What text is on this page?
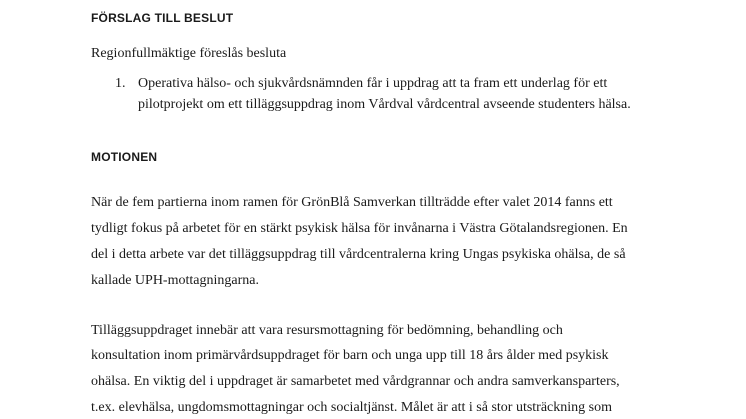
FÖRSLAG TILL BESLUT
Regionfullmäktige föreslås besluta
1. Operativa hälso- och sjukvårdsnämnden får i uppdrag att ta fram ett underlag för ett
pilotprojekt om ett tilläggsuppdrag inom Vårdval vårdcentral avseende studenters hälsa.
MOTIONEN
När de fem partierna inom ramen för GrönBlå Samverkan tillträdde efter valet 2014 fanns ett
tydligt fokus på arbetet för en stärkt psykisk hälsa för invånarna i Västra Götalandsregionen. En
del i detta arbete var det tilläggsuppdrag till vårdcentralerna kring Ungas psykiska ohälsa, de så
kallade UPH-mottagningarna.
Tilläggsuppdraget innebär att vara resursmottagning för bedömning, behandling och
konsultation inom primärvårdsuppdraget för barn och unga upp till 18 års ålder med psykisk
ohälsa. En viktig del i uppdraget är samarbetet med vårdgrannar och andra samverkansparters,
t.ex. elevhälsa, ungdomsmottagningar och socialtjänst. Målet är att i så stor utsträckning som
